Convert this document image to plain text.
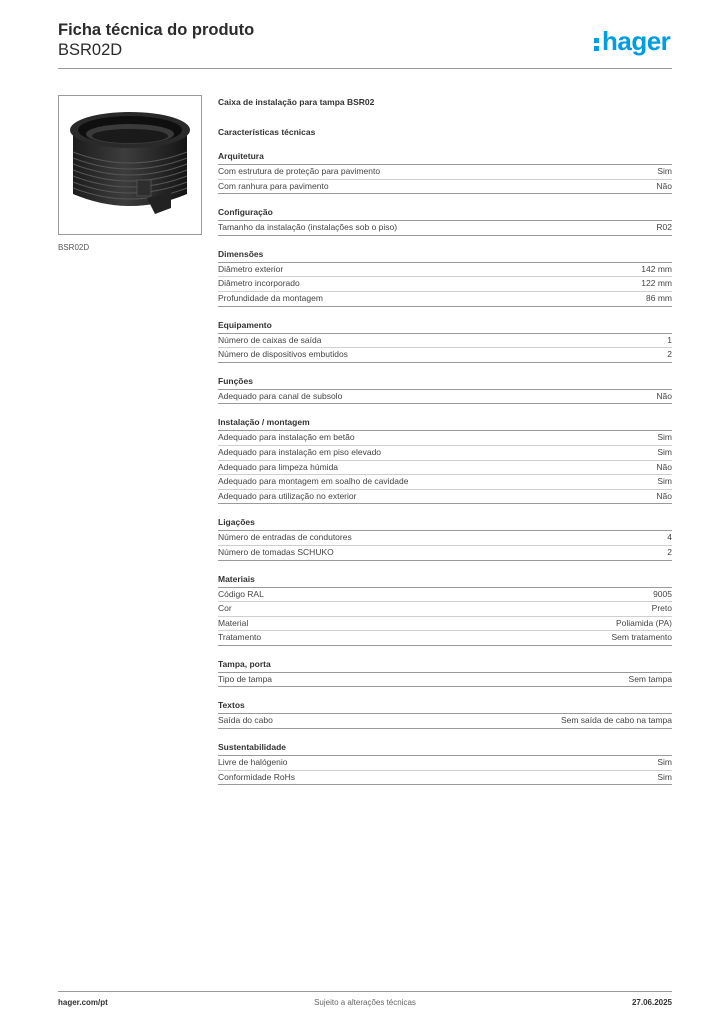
Ficha técnica do produto
BSR02D	hager
BSR02D
Caixa de instalação para tampa BSR02
Características técnicas
Arquitetura
Com estrutura de proteção para pavimento	Sim
Com ranhura para pavimento	Não
Configuração
Tamanho da instalação (instalações sob o piso)	R02
Dimensões
Diâmetro exterior	142 mm
Diâmetro incorporado	122 mm
Profundidade da montagem	86 mm
Equipamento
Número de caixas de saída	1
Número de dispositivos embutidos	2
Funções
Adequado para canal de subsolo	Não
Instalação / montagem
Adequado para instalação em betão	Sim
Adequado para instalação em piso elevado	Sim
Adequado para limpeza húmida	Não
Adequado para montagem em soalho de cavidade	Sim
Adequado para utilização no exterior	Não
Ligações
Número de entradas de condutores	4
Número de tomadas SCHUKO	2
Materiais
Código RAL	9005
Cor	Preto
Material	Poliamida (PA)
Tratamento	Sem tratamento
Tampa, porta
Tipo de tampa	Sem tampa
Textos
Saída do cabo	Sem saída de cabo na tampa
Sustentabilidade
Livre de halógenio	Sim
Conformidade RoHs	Sim
hager.com/pt	Sujeito a alterações técnicas	27.06.2025
